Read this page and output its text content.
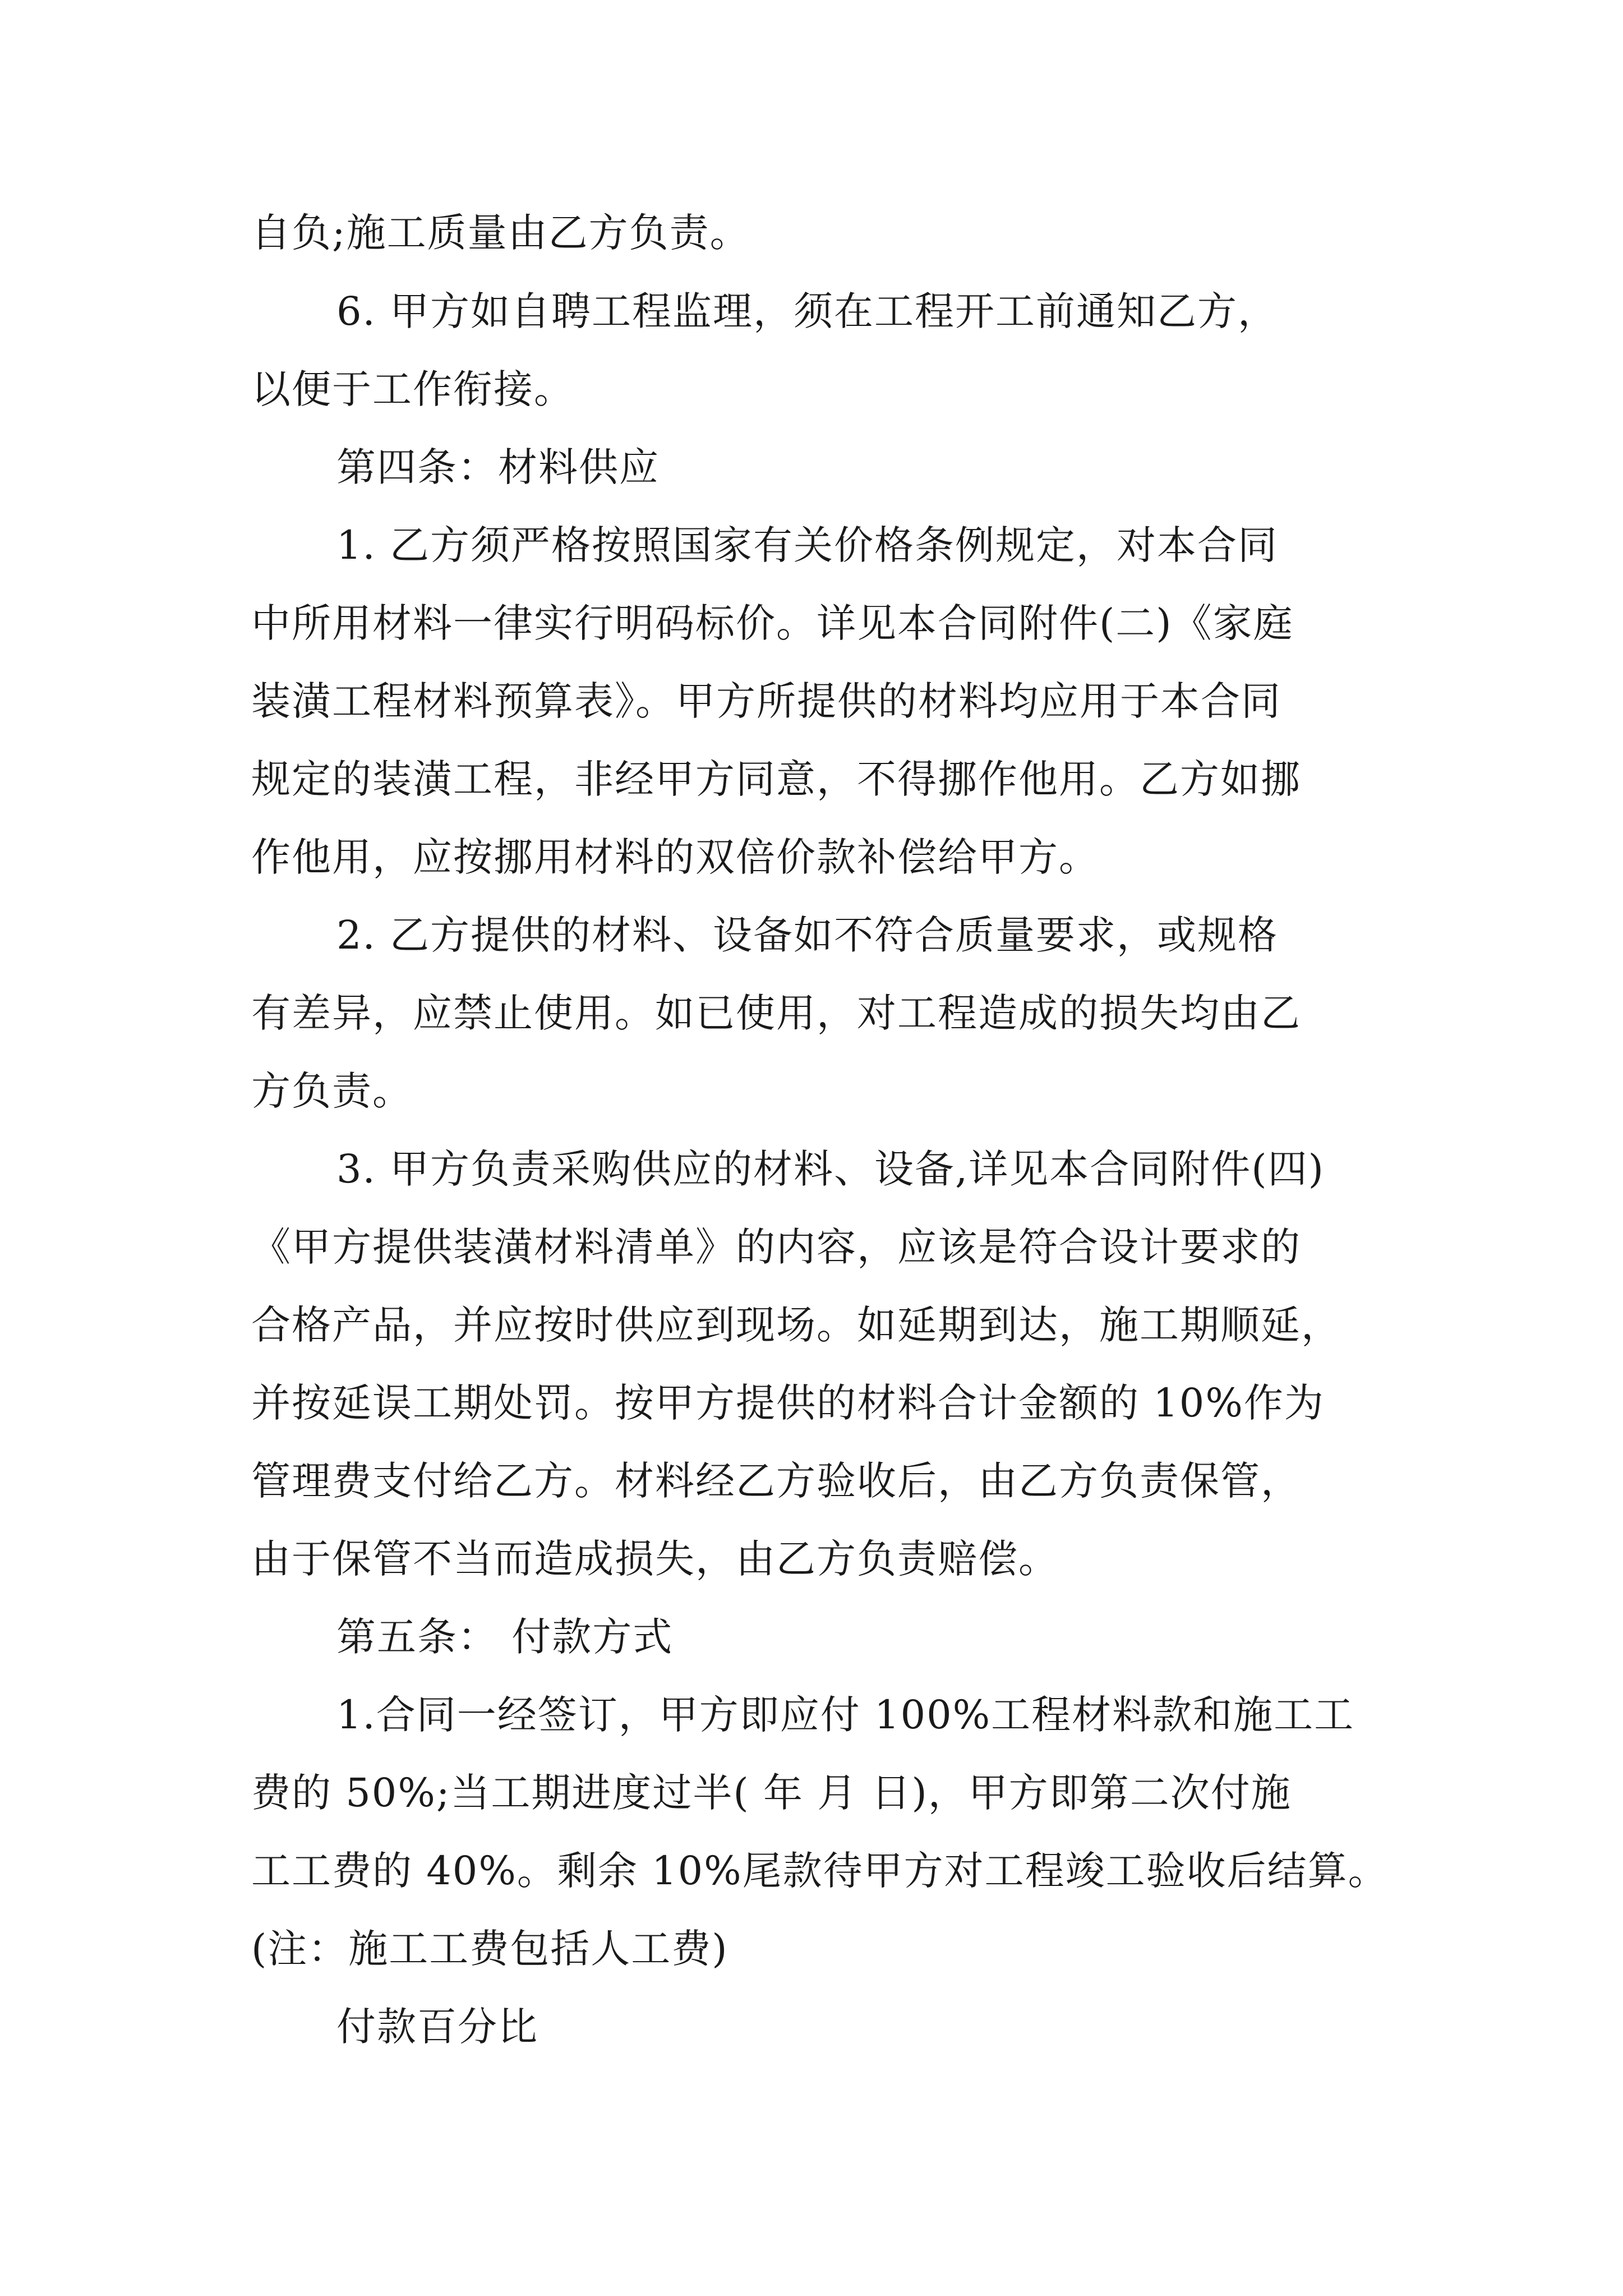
自负;施工质量由乙方负责。
6. 甲方如自聘工程监理，须在工程开工前通知乙方，
以便于工作衔接。
第四条：材料供应
1. 乙方须严格按照国家有关价格条例规定，对本合同
中所用材料一律实行明码标价。详见本合同附件(二)《家庭
装潢工程材料预算表》。甲方所提供的材料均应用于本合同
规定的装潢工程，非经甲方同意，不得挪作他用。乙方如挪
作他用，应按挪用材料的双倍价款补偿给甲方。
2. 乙方提供的材料、设备如不符合质量要求，或规格
有差异，应禁止使用。如已使用，对工程造成的损失均由乙
方负责。
3. 甲方负责采购供应的材料、设备,详见本合同附件(四)
《甲方提供装潢材料清单》的内容，应该是符合设计要求的
合格产品，并应按时供应到现场。如延期到达，施工期顺延，
并按延误工期处罚。按甲方提供的材料合计金额的 10%作为
管理费支付给乙方。材料经乙方验收后，由乙方负责保管，
由于保管不当而造成损失，由乙方负责赔偿。
第五条： 付款方式
1.合同一经签订，甲方即应付 100%工程材料款和施工工
费的 50%;当工期进度过半( 年 月 日)，甲方即第二次付施
工工费的 40%。剩余 10%尾款待甲方对工程竣工验收后结算。
(注：施工工费包括人工费)
付款百分比
